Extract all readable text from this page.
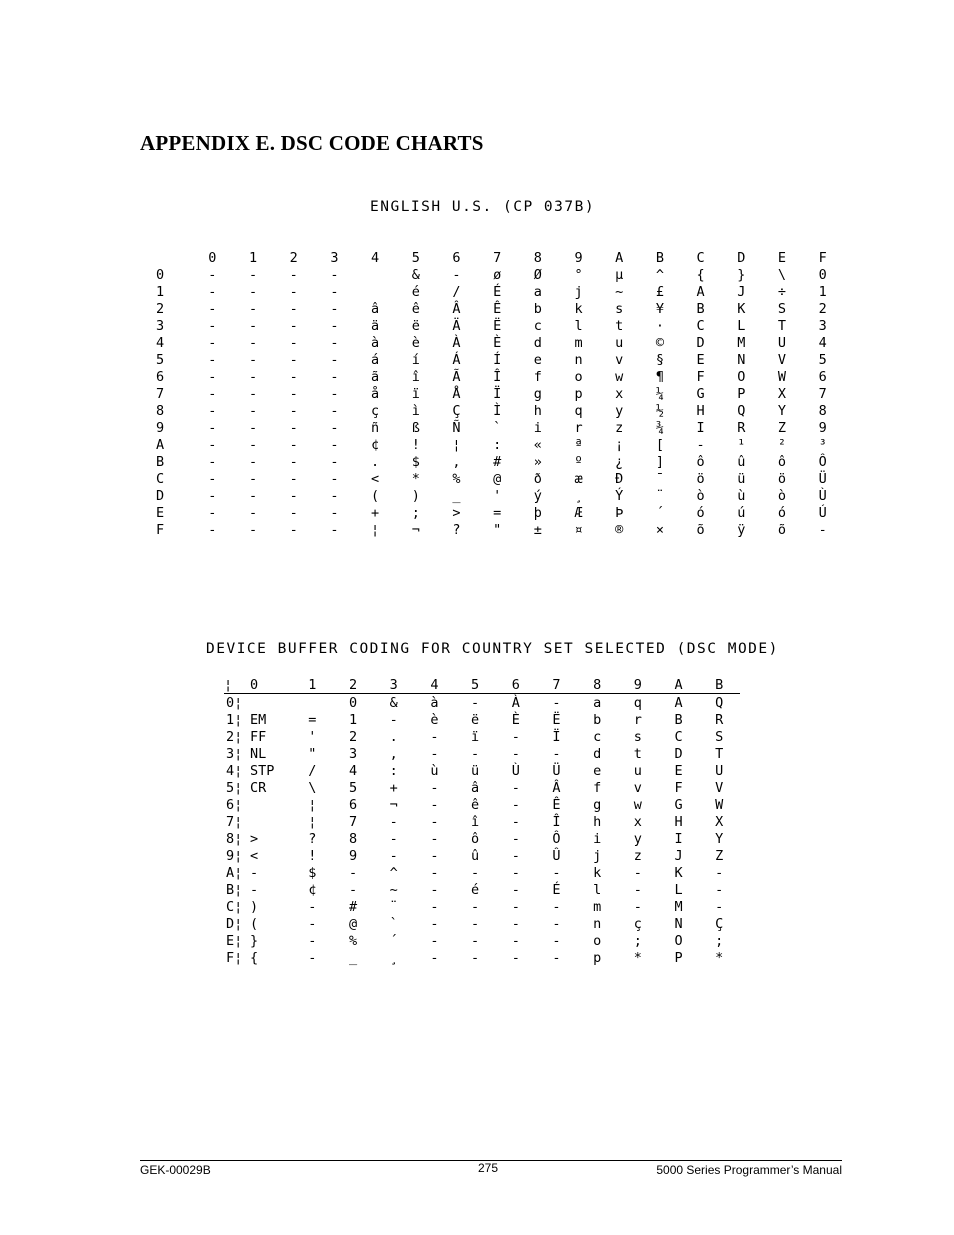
APPENDIX E. DSC CODE CHARTS
ENGLISH U.S. (CP 037B)
	0	1	2	3	4	5	6	7	8	9	A	B	C	D	E	F
0	-	-	-	-		&	-	ø	Ø	°	µ	^	{	}	\	0
1	-	-	-	-		é	/	É	a	j	~	£	A	J	÷	1
2	-	-	-	-	â	ê	Â	Ê	b	k	s	¥	B	K	S	2
3	-	-	-	-	ä	ë	Ä	Ë	c	l	t	·	C	L	T	3
4	-	-	-	-	à	è	À	È	d	m	u	©	D	M	U	4
5	-	-	-	-	á	í	Á	Í	e	n	v	§	E	N	V	5
6	-	-	-	-	ã	î	Ã	Î	f	o	w	¶	F	O	W	6
7	-	-	-	-	å	ï	Å	Ï	g	p	x	¼	G	P	X	7
8	-	-	-	-	ç	ì	Ç	Ì	h	q	y	½	H	Q	Y	8
9	-	-	-	-	ñ	ß	Ñ	`	i	r	z	¾	I	R	Z	9
A	-	-	-	-	¢	!	¦	:	«	ª	¡	[	-	¹	²	³
B	-	-	-	-	.	$	,	#	»	º	¿	]	ô	û	ô	Ô
C	-	-	-	-	<	*	%	@	ð	æ	Ð	¯	ö	ü	ö	Ü
D	-	-	-	-	(	)	_	'	ý	¸	Ý	¨	ò	ù	ò	Ù
E	-	-	-	-	+	;	>	=	þ	Æ	Þ	´	ó	ú	ó	Ú
F	-	-	-	-	¦	¬	?	"	±	¤	®	×	õ	ÿ	õ	-
DEVICE BUFFER CODING FOR COUNTRY SET SELECTED (DSC MODE)
¦	0	1	2	3	4	5	6	7	8	9	A	B
0¦			0	&	à	-	À	-	a	q	A	Q
1¦	EM	=	1	-	è	ë	È	Ë	b	r	B	R
2¦	FF	'	2	.	-	ï	-	Ï	c	s	C	S
3¦	NL	"	3	,	-	-	-	-	d	t	D	T
4¦	STP	/	4	:	ù	ü	Ù	Ü	e	u	E	U
5¦	CR	\	5	+	-	â	-	Â	f	v	F	V
6¦		¦	6	¬	-	ê	-	Ê	g	w	G	W
7¦		¦	7	-	-	î	-	Î	h	x	H	X
8¦	>	?	8	-	-	ô	-	Ô	i	y	I	Y
9¦	<	!	9	-	-	û	-	Û	j	z	J	Z
A¦	-	$	-	^	-	-	-	-	k	-	K	-
B¦	-	¢	-	~	-	é	-	É	l	-	L	-
C¦	)	-	#	¨	-	-	-	-	m	-	M	-
D¦	(	-	@	`	-	-	-	-	n	ç	N	Ç
E¦	}	-	%	´	-	-	-	-	o	;	O	;
F¦	{	-	_	¸	-	-	-	-	p	*	P	*
GEK-00029B	275	5000 Series Programmer’s Manual
